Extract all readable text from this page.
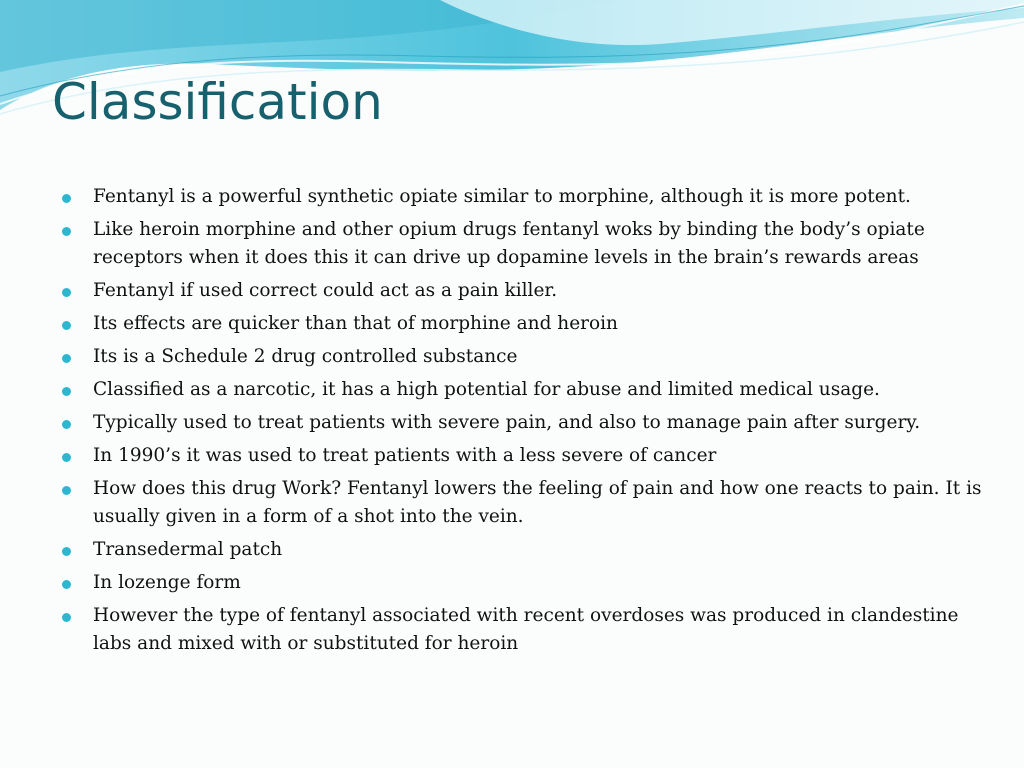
Classification
Fentanyl is a powerful synthetic opiate similar to morphine, although it is more potent.
Like heroin morphine and other opium drugs fentanyl woks by binding the body’s opiate receptors when it does this it can drive up dopamine levels in the brain’s rewards areas
Fentanyl if used correct could act as a pain killer.
Its effects are quicker than that of morphine and heroin
Its is a Schedule 2 drug controlled substance
Classified as a narcotic, it has a high potential for abuse and limited medical usage.
Typically used to treat patients with severe pain, and also to manage pain after surgery.
In 1990’s it was used to treat patients with a less severe of cancer
How does this drug Work? Fentanyl lowers the feeling of pain and how one reacts to pain. It is usually given in a form of a shot into the vein.
Transedermal patch
In lozenge form
However the type of fentanyl associated with recent overdoses was produced in clandestine labs and mixed with or substituted for heroin
